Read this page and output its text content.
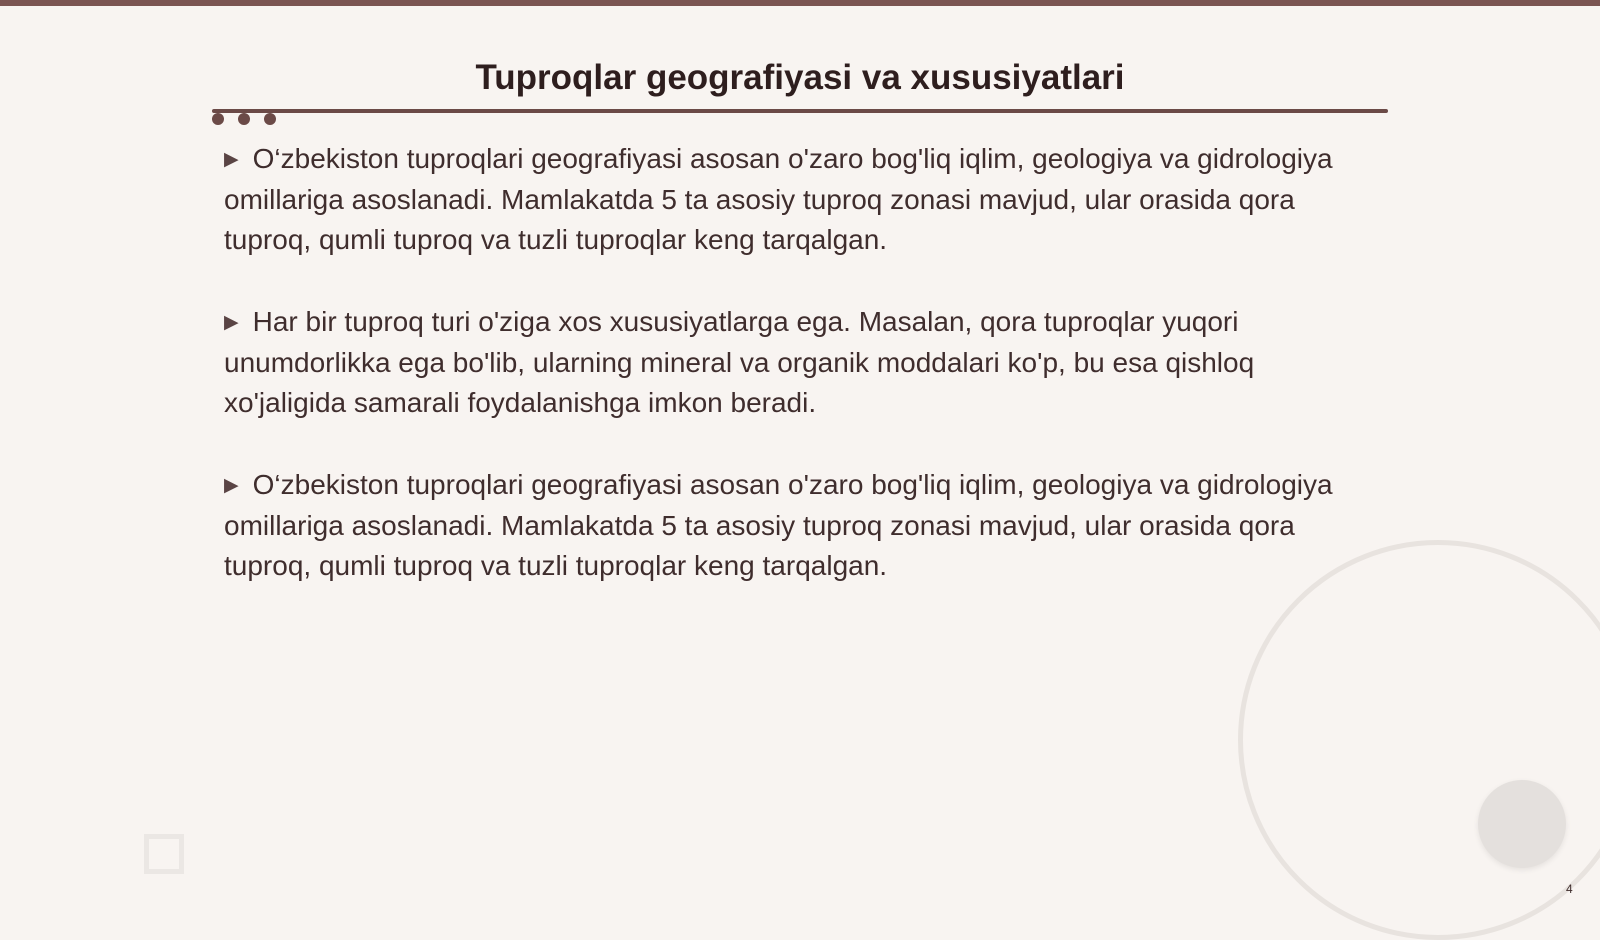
Tuproqlar geografiyasi va xususiyatlari

▶ O‘zbekiston tuproqlari geografiyasi asosan o'zaro bog'liq iqlim, geologiya va gidrologiya omillariga asoslanadi. Mamlakatda 5 ta asosiy tuproq zonasi mavjud, ular orasida qora tuproq, qumli tuproq va tuzli tuproqlar keng tarqalgan.

▶ Har bir tuproq turi o'ziga xos xususiyatlarga ega. Masalan, qora tuproqlar yuqori unumdorlikka ega bo'lib, ularning mineral va organik moddalari ko'p, bu esa qishloq xo'jaligida samarali foydalanishga imkon beradi.

▶ O‘zbekiston tuproqlari geografiyasi asosan o'zaro bog'liq iqlim, geologiya va gidrologiya omillariga asoslanadi. Mamlakatda 5 ta asosiy tuproq zonasi mavjud, ular orasida qora tuproq, qumli tuproq va tuzli tuproqlar keng tarqalgan.

4
